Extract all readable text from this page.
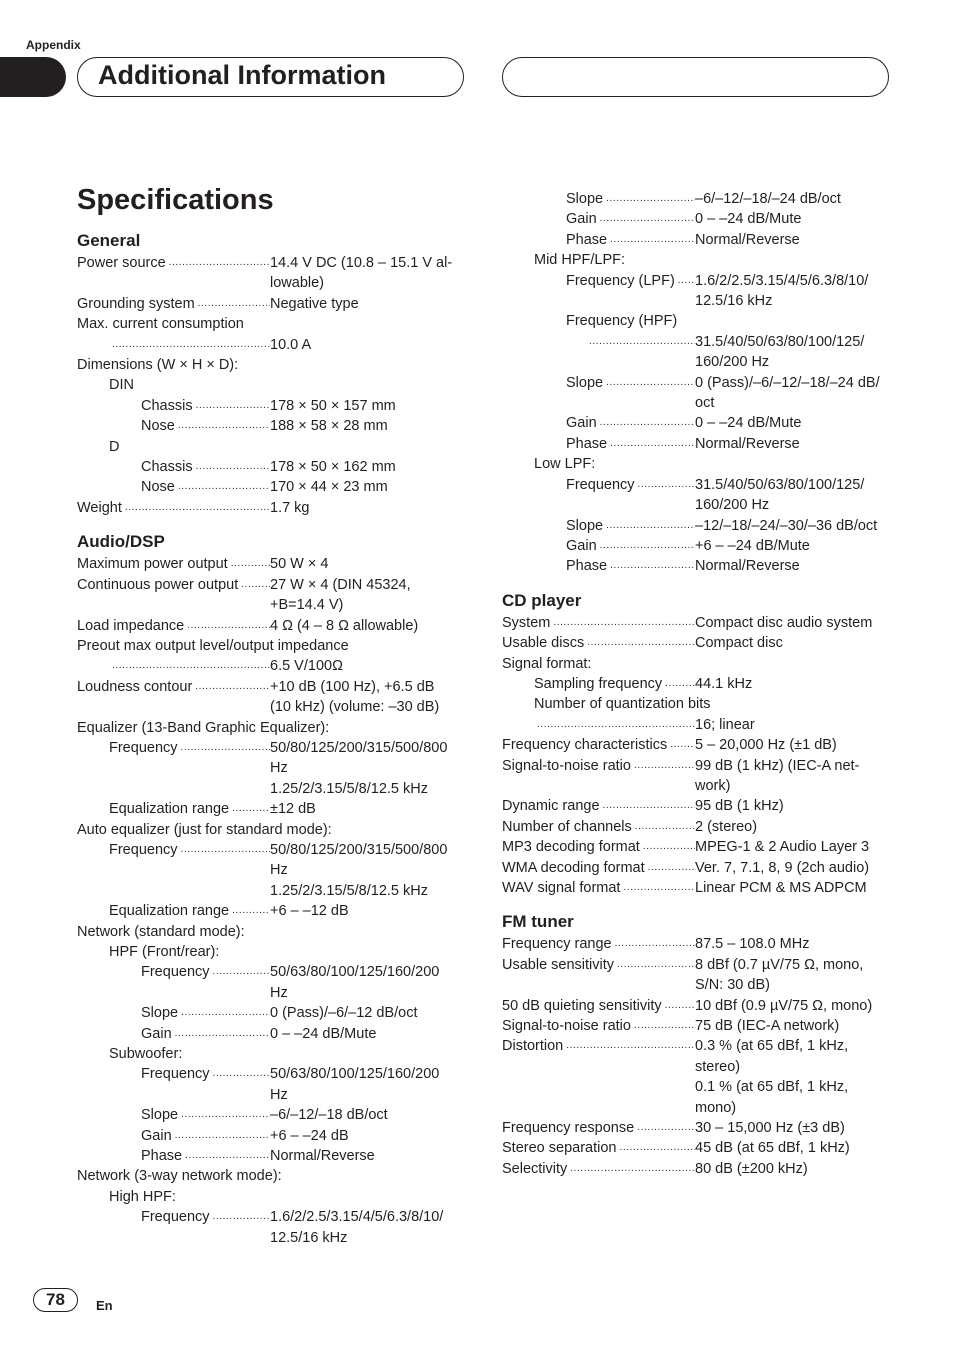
Appendix
Additional Information
Specifications
General
Power source .....	14.4 V DC (10.8 – 15.1 V al-
lowable)
Grounding system .....	Negative type
Max. current consumption
.....
10.0 A
Dimensions (W × H × D):
DIN
Chassis .....	178 × 50 × 157 mm
Nose .....	188 × 58 × 28 mm
D
Chassis .....	178 × 50 × 162 mm
Nose .....	170 × 44 × 23 mm
Weight .....	1.7 kg
Audio/DSP
Maximum power output .....	50 W × 4
Continuous power output ..... 27 W × 4 (DIN 45324,
+B=14.4 V)
Load impedance .....	4 Ω (4 – 8 Ω allowable)
Preout max output level/output impedance
.....
6.5 V/100Ω
Loudness contour .....	+10 dB (100 Hz), +6.5 dB
(10 kHz) (volume: –30 dB)
Equalizer (13-Band Graphic Equalizer):
Frequency .....	50/80/125/200/315/500/800
Hz
1.25/2/3.15/5/8/12.5 kHz
Equalization range .....	±12 dB
Auto equalizer (just for standard mode):
Frequency .....	50/80/125/200/315/500/800
Hz
1.25/2/3.15/5/8/12.5 kHz
Equalization range .....	+6 – –12 dB
Network (standard mode):
HPF (Front/rear):
Frequency .....	50/63/80/100/125/160/200
Hz
Slope .....	0 (Pass)/–6/–12 dB/oct
Gain .....	0 – –24 dB/Mute
Subwoofer:
Frequency .....	50/63/80/100/125/160/200
Hz
Slope .....	–6/–12/–18 dB/oct
Gain .....	+6 – –24 dB
Phase .....	Normal/Reverse
Network (3-way network mode):
High HPF:
Frequency .....	1.6/2/2.5/3.15/4/5/6.3/8/10/
12.5/16 kHz
Slope .....	–6/–12/–18/–24 dB/oct
Gain .....	0 – –24 dB/Mute
Phase .....	Normal/Reverse
Mid HPF/LPF:
Frequency (LPF) ..... 1.6/2/2.5/3.15/4/5/6.3/8/10/
12.5/16 kHz
Frequency (HPF)
.....
31.5/40/50/63/80/100/125/
160/200 Hz
Slope .....	0 (Pass)/–6/–12/–18/–24 dB/
oct
Gain .....	0 – –24 dB/Mute
Phase .....	Normal/Reverse
Low LPF:
Frequency .....	31.5/40/50/63/80/100/125/
160/200 Hz
Slope .....	–12/–18/–24/–30/–36 dB/oct
Gain .....	+6 – –24 dB/Mute
Phase .....	Normal/Reverse
CD player
System .....	Compact disc audio system
Usable discs .....	Compact disc
Signal format:
Sampling frequency ..... 44.1 kHz
Number of quantization bits
.....
16; linear
Frequency characteristics ..... 5 – 20,000 Hz (±1 dB)
Signal-to-noise ratio .....	99 dB (1 kHz) (IEC-A net-
work)
Dynamic range .....	95 dB (1 kHz)
Number of channels .....	2 (stereo)
MP3 decoding format .....	MPEG-1 & 2 Audio Layer 3
WMA decoding format .....	Ver. 7, 7.1, 8, 9 (2ch audio)
WAV signal format .....	Linear PCM & MS ADPCM
FM tuner
Frequency range .....	87.5 – 108.0 MHz
Usable sensitivity .....	8 dBf (0.7 µV/75 Ω, mono,
S/N: 30 dB)
50 dB quieting sensitivity ..... 10 dBf (0.9 µV/75 Ω, mono)
Signal-to-noise ratio .....	75 dB (IEC-A network)
Distortion .....	0.3 % (at 65 dBf, 1 kHz,
stereo)
0.1 % (at 65 dBf, 1 kHz,
mono)
Frequency response .....	30 – 15,000 Hz (±3 dB)
Stereo separation .....	45 dB (at 65 dBf, 1 kHz)
Selectivity .....	80 dB (±200 kHz)
78	En
